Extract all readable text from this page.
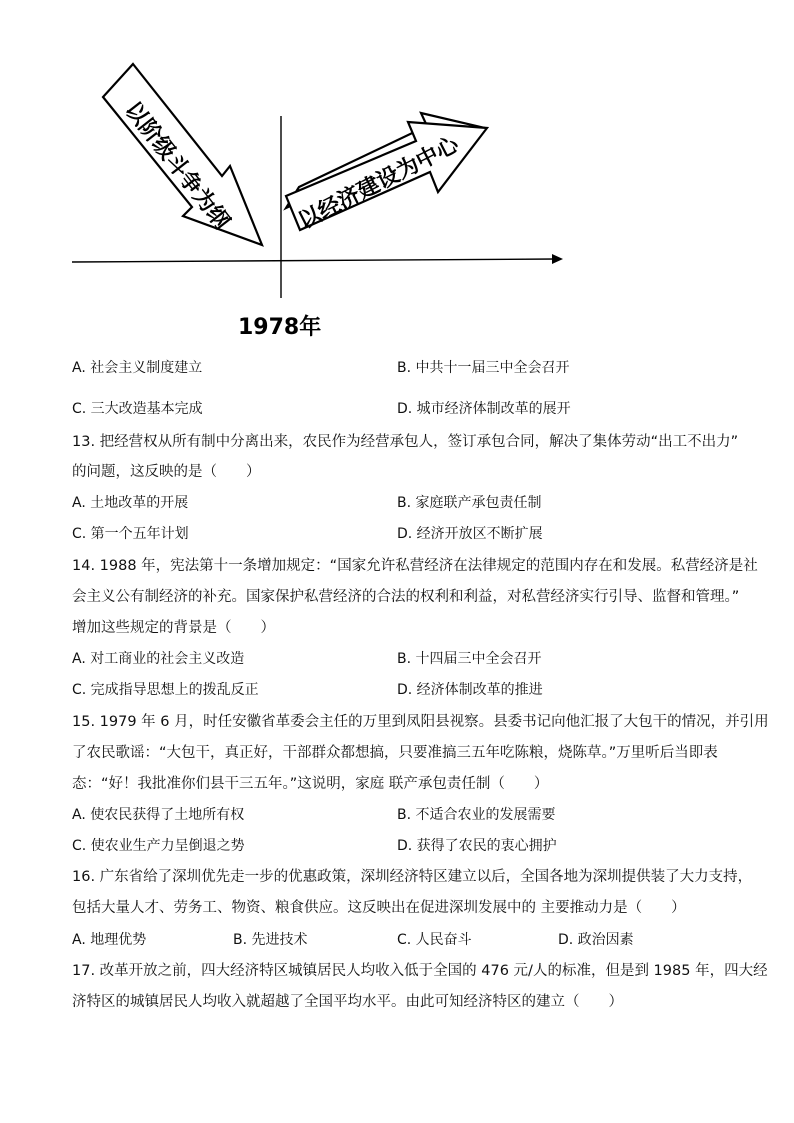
以阶级斗争为纲	以经济建设为中心
1978年
A. 社会主义制度建立	B. 中共十一届三中全会召开
C. 三大改造基本完成	D. 城市经济体制改革的展开
13. 把经营权从所有制中分离出来，农民作为经营承包人，签订承包合同，解决了集体劳动“出工不出力”
的问题，这反映的是（　　）
A. 土地改革的开展	B. 家庭联产承包责任制
C. 第一个五年计划	D. 经济开放区不断扩展
14. 1988 年，宪法第十一条增加规定：“国家允许私营经济在法律规定的范围内存在和发展。私营经济是社
会主义公有制经济的补充。国家保护私营经济的合法的权利和利益，对私营经济实行引导、监督和管理。”
增加这些规定的背景是（　　）
A. 对工商业的社会主义改造	B. 十四届三中全会召开
C. 完成指导思想上的拨乱反正	D. 经济体制改革的推进
15. 1979 年 6 月，时任安徽省革委会主任的万里到凤阳县视察。县委书记向他汇报了大包干的情况，并引用
了农民歌谣：“大包干，真正好，干部群众都想搞，只要准搞三五年吃陈粮，烧陈草。”万里听后当即表
态：“好！我批准你们县干三五年。”这说明，家庭 联产承包责任制（　　）
A. 使农民获得了土地所有权	B. 不适合农业的发展需要
C. 使农业生产力呈倒退之势	D. 获得了农民的衷心拥护
16. 广东省给了深圳优先走一步的优惠政策，深圳经济特区建立以后，全国各地为深圳提供装了大力支持，
包括大量人才、劳务工、物资、粮食供应。这反映出在促进深圳发展中的 主要推动力是（　　）
A. 地理优势	B. 先进技术	C. 人民奋斗	D. 政治因素
17. 改革开放之前，四大经济特区城镇居民人均收入低于全国的 476 元/人的标准，但是到 1985 年，四大经
济特区的城镇居民人均收入就超越了全国平均水平。由此可知经济特区的建立（　　）
